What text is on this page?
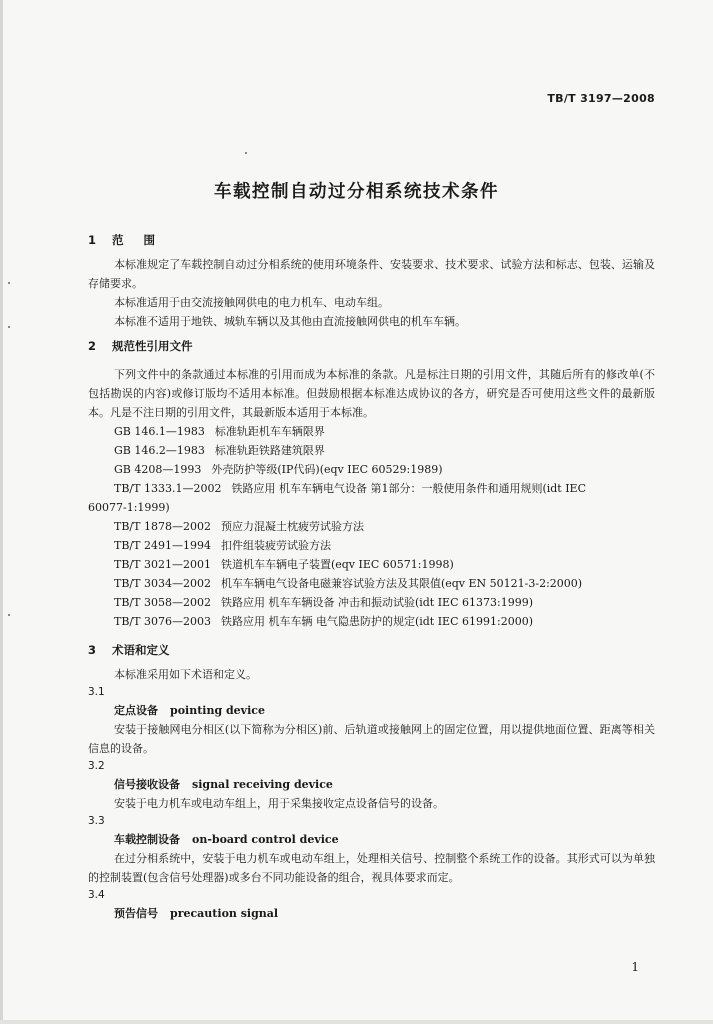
TB/T 3197—2008
车载控制自动过分相系统技术条件
1 范 围
本标准规定了车载控制自动过分相系统的使用环境条件、安装要求、技术要求、试验方法和标志、包装、运输及存储要求。
本标准适用于由交流接触网供电的电力机车、电动车组。
本标准不适用于地铁、城轨车辆以及其他由直流接触网供电的机车车辆。
2 规范性引用文件
下列文件中的条款通过本标准的引用而成为本标准的条款。凡是标注日期的引用文件，其随后所有的修改单(不包括勘误的内容)或修订版均不适用本标准。但鼓励根据本标准达成协议的各方，研究是否可使用这些文件的最新版本。凡是不注日期的引用文件，其最新版本适用于本标准。
GB 146.1—1983 标准轨距机车车辆限界
GB 146.2—1983 标准轨距铁路建筑限界
GB 4208—1993 外壳防护等级(IP代码)(eqv IEC 60529:1989)
TB/T 1333.1—2002 铁路应用 机车车辆电气设备 第1部分：一般使用条件和通用规则(idt IEC
60077-1:1999)
TB/T 1878—2002 预应力混凝土枕疲劳试验方法
TB/T 2491—1994 扣件组装疲劳试验方法
TB/T 3021—2001 铁道机车车辆电子装置(eqv IEC 60571:1998)
TB/T 3034—2002 机车车辆电气设备电磁兼容试验方法及其限值(eqv EN 50121-3-2:2000)
TB/T 3058—2002 铁路应用 机车车辆设备 冲击和振动试验(idt IEC 61373:1999)
TB/T 3076—2003 铁路应用 机车车辆 电气隐患防护的规定(idt IEC 61991:2000)
3 术语和定义
本标准采用如下术语和定义。
3.1
定点设备 pointing device
安装于接触网电分相区(以下简称为分相区)前、后轨道或接触网上的固定位置，用以提供地面位置、距离等相关信息的设备。
3.2
信号接收设备 signal receiving device
安装于电力机车或电动车组上，用于采集接收定点设备信号的设备。
3.3
车载控制设备 on-board control device
在过分相系统中，安装于电力机车或电动车组上，处理相关信号、控制整个系统工作的设备。其形式可以为单独的控制装置(包含信号处理器)或多台不同功能设备的组合，视具体要求而定。
3.4
预告信号 precaution signal
1
